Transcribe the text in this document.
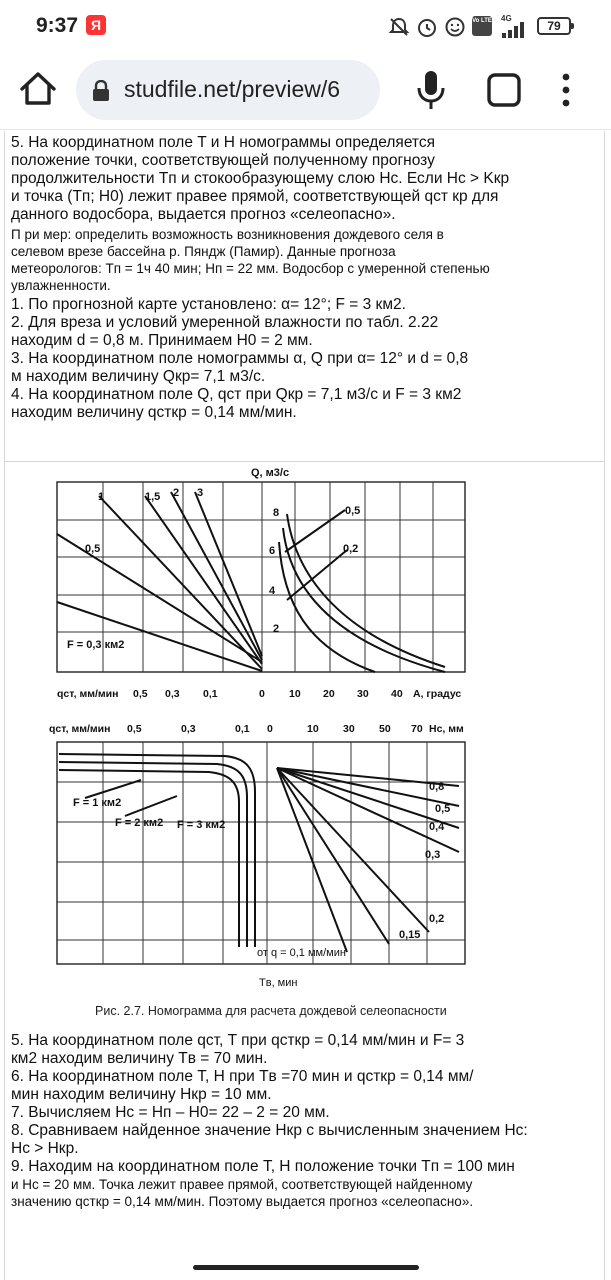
9:37 Я	Vo LTE 4G
79
studfile.net/preview/6
5. На координатном поле T и H номограммы определяется
положение точки, соответствующей полученному прогнозу
продолжительности Tп и стокообразующему слою Hс. Если Hс > Kкр
и точка (Tп; H0) лежит правее прямой, соответствующей qст кр для
данного водосбора, выдается прогноз «селеопасно».
П ри мер: определить возможность возникновения дождевого селя в
селевом врезе бассейна р. Пяндж (Памир). Данные прогноза
метеорологов: Tп = 1ч 40 мин; Hп = 22 мм. Водосбор с умеренной степенью
увлажненности.
1. По прогнозной карте установлено: α= 12°; F = 3 км2.
2. Для вреза и условий умеренной влажности по табл. 2.22
находим d = 0,8 м. Принимаем H0 = 2 мм.
3. На координатном поле номограммы α, Q при α= 12° и d = 0,8
м находим величину Qкр= 7,1 м3/с.
4. На координатном поле Q, qст при Qкр = 7,1 м3/с и F = 3 км2
находим величину qсткр = 0,14 мм/мин.
Q, м3/с
1	1,5 2 3
0,5
F = 0,3 км2
8
6
4
2
0,5
0,2
qст, мм/мин 0,5 0,3 0,1	0 10 20 30 40 A, градус
qст, мм/мин 0,5	0,3	0,1 0	10 30 50 70 Hс, мм
F = 1 км2
F = 2 км2 F = 3 км2
0,8
0,5
0,4
0,3
0,2
0,15
от q = 0,1 мм/мин
Tв, мин
Рис. 2.7. Номограмма для расчета дождевой селеопасности
5. На координатном поле qст, T при qсткр = 0,14 мм/мин и F= 3
км2 находим величину Tв = 70 мин.
6. На координатном поле T, H при Tв =70 мин и qсткр = 0,14 мм/
мин находим величину Hкр = 10 мм.
7. Вычисляем Hс = Hп – H0= 22 – 2 = 20 мм.
8. Сравниваем найденное значение Hкр с вычисленным значением Hс:
Hс > Hкр.
9. Находим на координатном поле T, H положение точки Tп = 100 мин
и Hс = 20 мм. Точка лежит правее прямой, соответствующей найденному
значению qсткр = 0,14 мм/мин. Поэтому выдается прогноз «селеопасно».
